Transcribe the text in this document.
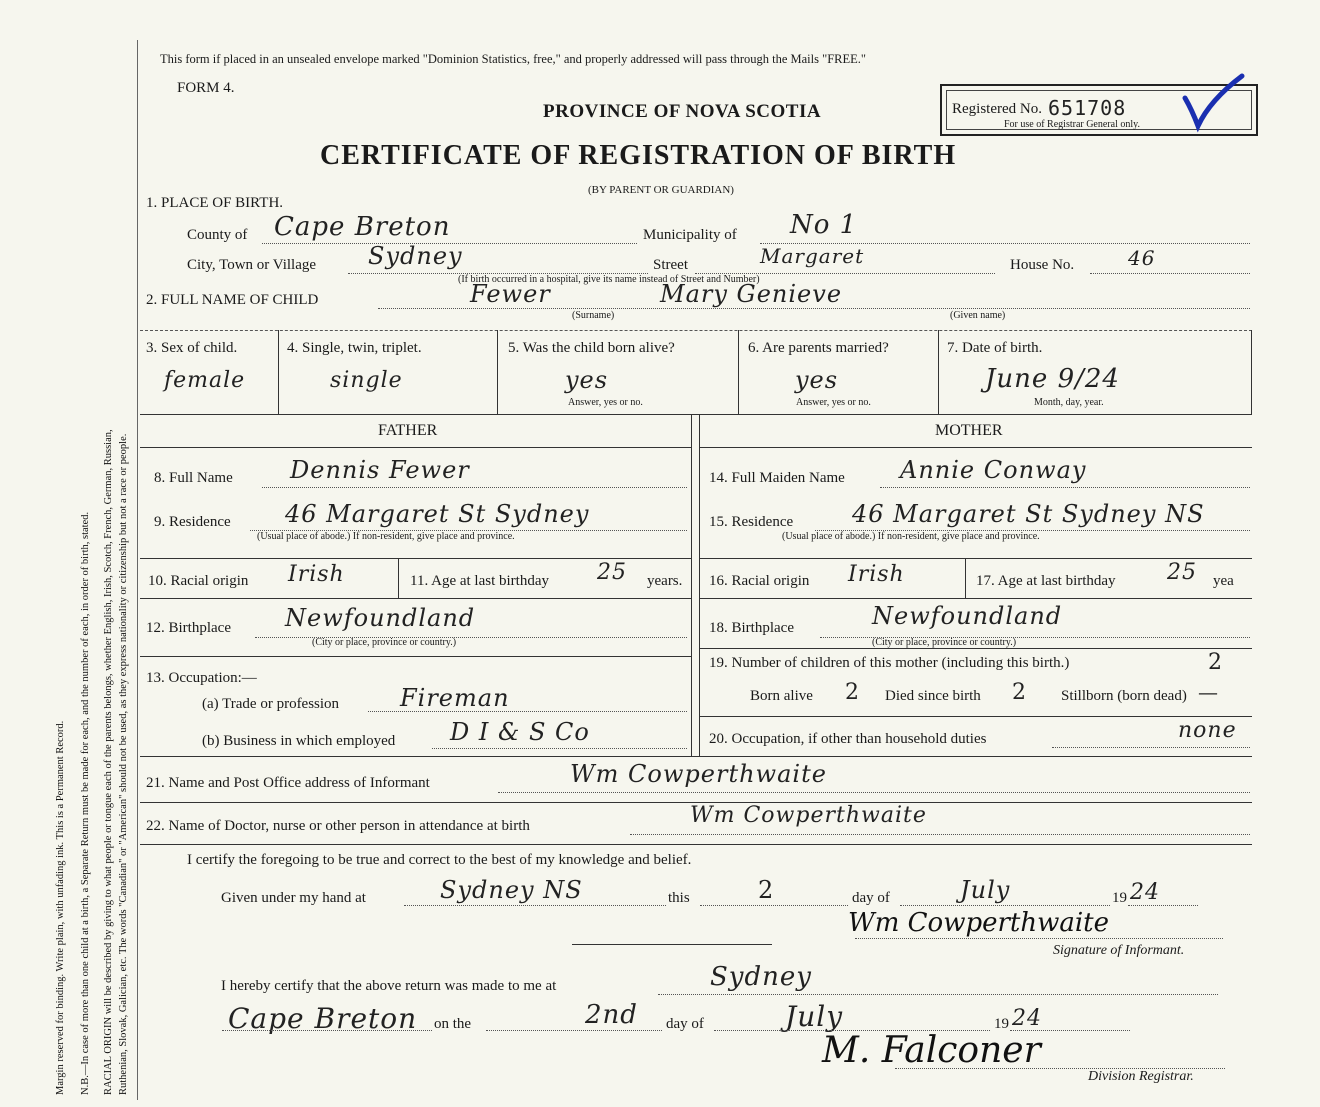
Margin reserved for binding. Write plain, with unfading ink. This is a Permanent Record. N.B.—In case of more than one child at a birth, a Separate Return must be made for each, and the number of each, in order of birth, stated. RACIAL ORIGIN will be described by giving to what people or tongue each of the parents belongs, whether English, Irish, Scotch, French, German, Russian, Ruthenian, Slovak, Galician, etc. The words "Canadian" or "American" should not be used, as they express nationality or citizenship but not a race or people.
This form if placed in an unsealed envelope marked "Dominion Statistics, free," and properly addressed will pass through the Mails "FREE."
FORM 4.
PROVINCE OF NOVA SCOTIA
CERTIFICATE OF REGISTRATION OF BIRTH
(BY PARENT OR GUARDIAN)
Registered No. 651708
For use of Registrar General only.
1. PLACE OF BIRTH.
County of Cape Breton	Municipality of No 1
City, Town or Village Sydney	Street	Margaret	House No.	46
(If birth occurred in a hospital, give its name instead of Street and Number)
2. FULL NAME OF CHILD	Fewer	Mary Genieve
(Surname)	(Given name)
3. Sex of child.
female
4. Single, twin, triplet.
single
5. Was the child born alive?
yes
Answer, yes or no.
6. Are parents married?
yes
Answer, yes or no.
7. Date of birth.
June 9/24
Month, day, year.
FATHER	MOTHER
8. Full Name Dennis Fewer
9. Residence 46 Margaret St Sydney
(Usual place of abode.) If non-resident, give place and province.
10. Racial origin Irish	11. Age at last birthday 25 years.
12. Birthplace Newfoundland
(City or place, province or country.)
13. Occupation:—
(a) Trade or profession	Fireman
(b) Business in which employed D I & S Co
14. Full Maiden Name Annie Conway
15. Residence 46 Margaret St Sydney NS
(Usual place of abode.) If non-resident, give place and province.
16. Racial origin Irish	17. Age at last birthday 25 yea
18. Birthplace	Newfoundland
(City or place, province or country.)
19. Number of children of this mother (including this birth.)	2
Born alive 2 Died since birth 2 Stillborn (born dead) —
20. Occupation, if other than household duties	none
21. Name and Post Office address of Informant	Wm Cowperthwaite
22. Name of Doctor, nurse or other person in attendance at birth	Wm Cowperthwaite
I certify the foregoing to be true and correct to the best of my knowledge and belief.
Given under my hand at	Sydney NS	this	2	day of	July	19 24
Wm Cowperthwaite
Signature of Informant.
I hereby certify that the above return was made to me at	Sydney
Cape Breton on the	2nd day of	July	19 24
M. Falconer
Division Registrar.
